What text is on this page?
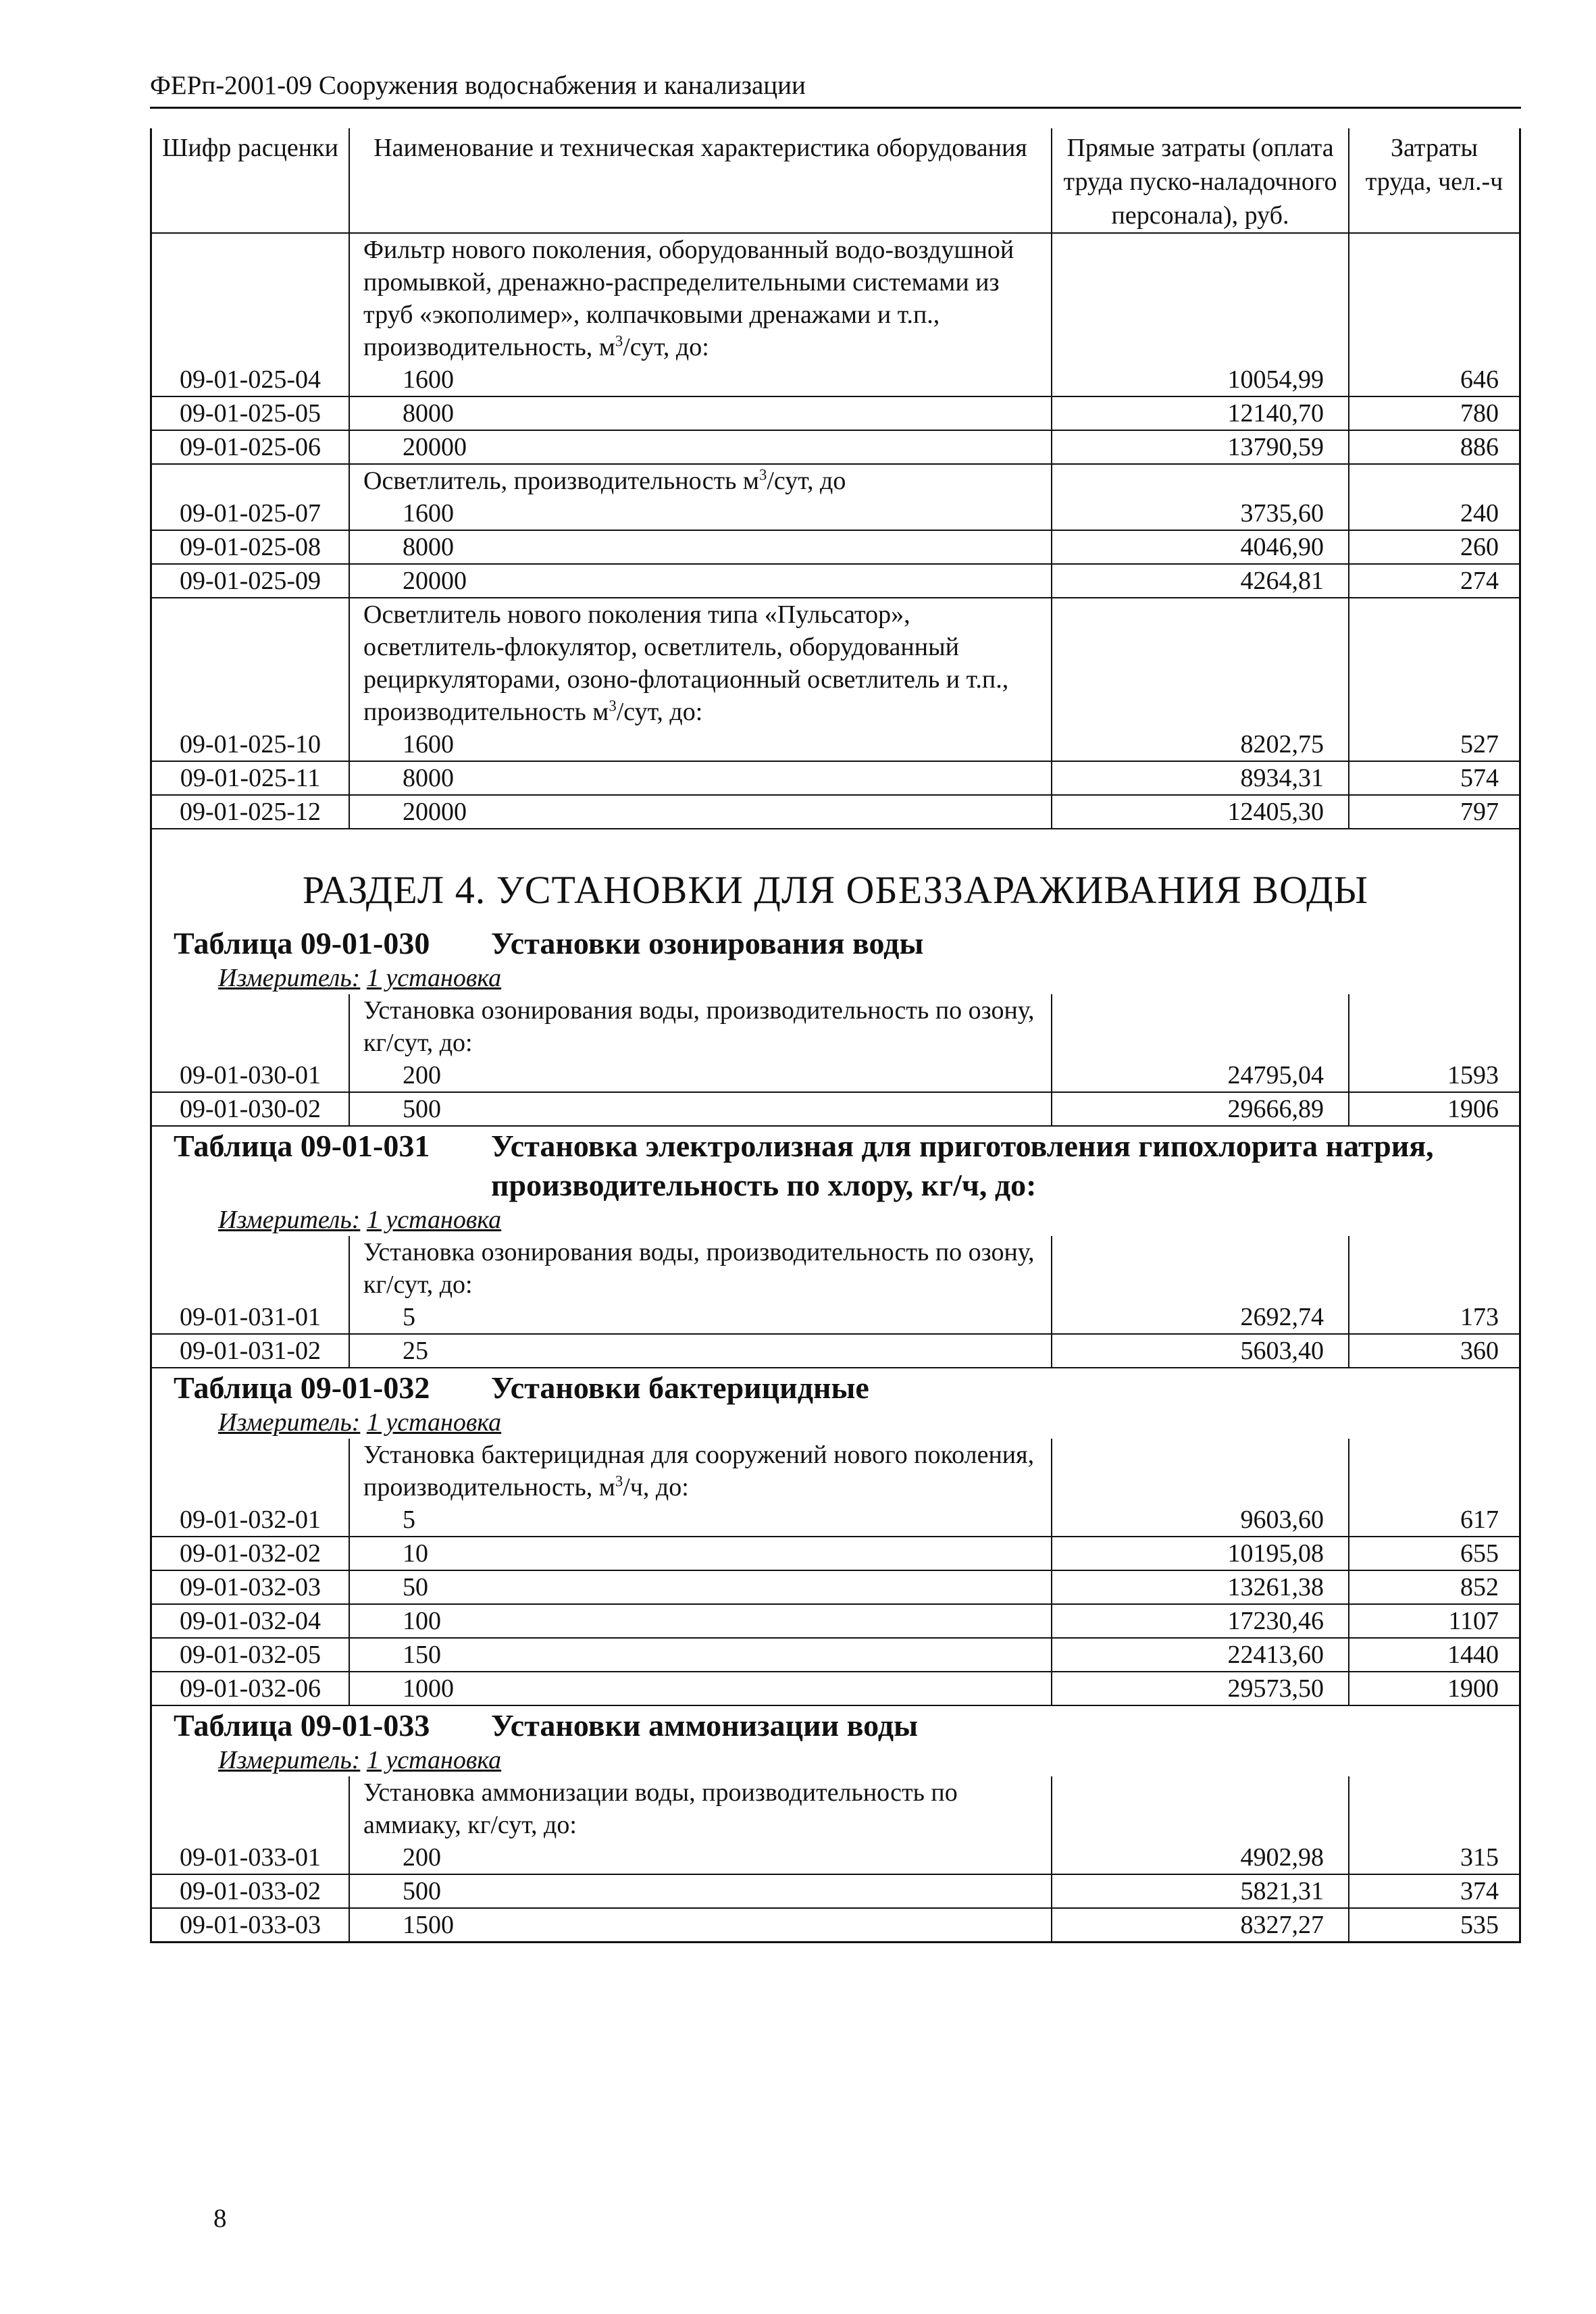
ФЕРп-2001-09 Сооружения водоснабжения и канализации
Шифр расценки	Наименование и техническая характеристика оборудования	Прямые затраты (оплата труда пуско-наладочного персонала), руб.	Затраты труда, чел.-ч
	Фильтр нового поколения, оборудованный водо-воздушной промывкой, дренажно-распределительными системами из труб «экополимер», колпачковыми дренажами и т.п., производительность, $м^3$/сут, до:		
09-01-025-04	1600	10054,99	646
09-01-025-05	8000	12140,70	780
09-01-025-06	20000	13790,59	886
	Осветлитель, производительность $м^3$/сут, до		
09-01-025-07	1600	3735,60	240
09-01-025-08	8000	4046,90	260
09-01-025-09	20000	4264,81	274
	Осветлитель нового поколения типа «Пульсатор», осветлитель-флокулятор, осветлитель, оборудованный рециркуляторами, озоно-флотационный осветлитель и т.п., производительность $м^3$/сут, до:		
09-01-025-10	1600	8202,75	527
09-01-025-11	8000	8934,31	574
09-01-025-12	20000	12405,30	797
РАЗДЕЛ 4. УСТАНОВКИ ДЛЯ ОБЕЗЗАРАЖИВАНИЯ ВОДЫ
Таблица 09-01-030	Установки озонирования воды
Измеритель: 1 установка
	Установка озонирования воды, производительность по озону, кг/сут, до:		
09-01-030-01	200	24795,04	1593
09-01-030-02	500	29666,89	1906
Таблица 09-01-031	Установка электролизная для приготовления гипохлорита натрия, производительность по хлору, кг/ч, до:
Измеритель: 1 установка
	Установка озонирования воды, производительность по озону, кг/сут, до:		
09-01-031-01	5	2692,74	173
09-01-031-02	25	5603,40	360
Таблица 09-01-032	Установки бактерицидные
Измеритель: 1 установка
	Установка бактерицидная для сооружений нового поколения, производительность, $м^3/ч$, до:		
09-01-032-01	5	9603,60	617
09-01-032-02	10	10195,08	655
09-01-032-03	50	13261,38	852
09-01-032-04	100	17230,46	1107
09-01-032-05	150	22413,60	1440
09-01-032-06	1000	29573,50	1900
Таблица 09-01-033	Установки аммонизации воды
Измеритель: 1 установка
	Установка аммонизации воды, производительность по аммиаку, кг/сут, до:		
09-01-033-01	200	4902,98	315
09-01-033-02	500	5821,31	374
09-01-033-03	1500	8327,27	535
8
